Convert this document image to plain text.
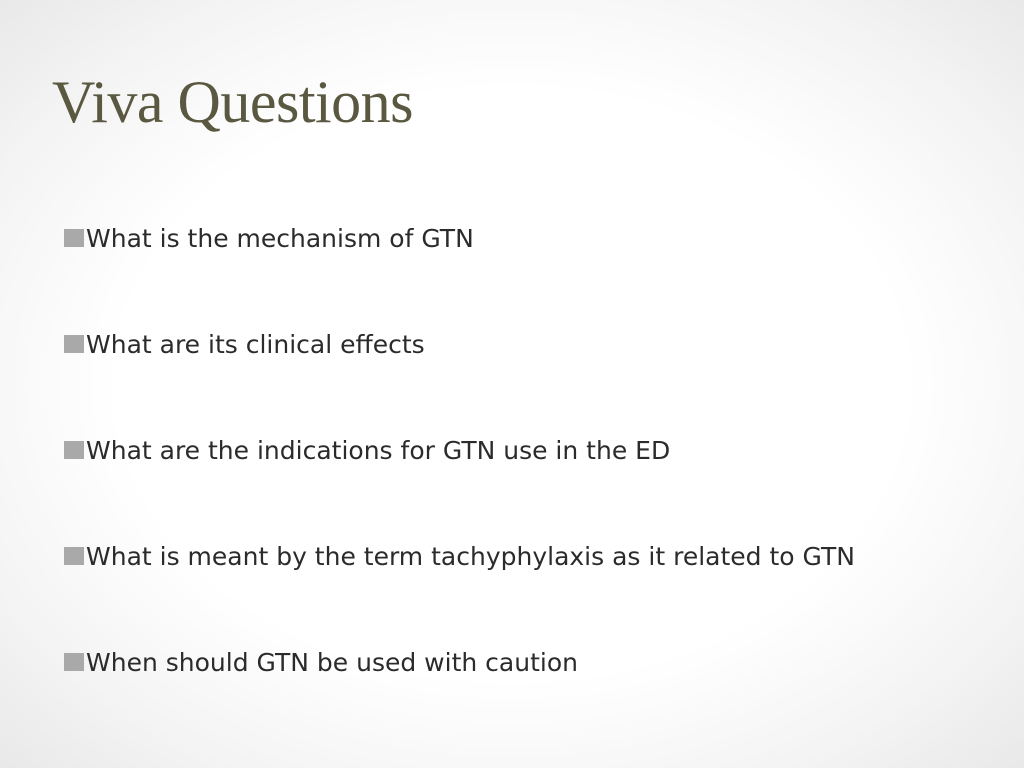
Viva Questions
What is the mechanism of GTN
What are its clinical effects
What are the indications for GTN use in the ED
What is meant by the term tachyphylaxis as it related to GTN
When should GTN be used with caution
